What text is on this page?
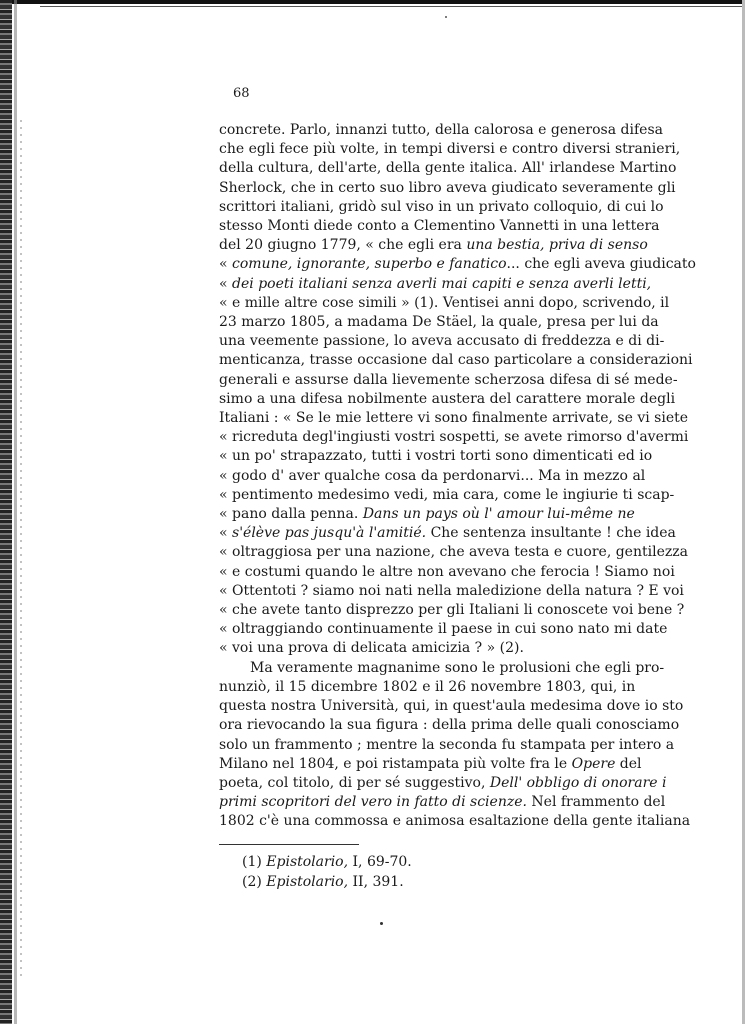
68
concrete. Parlo, innanzi tutto, della calorosa e generosa difesa
che egli fece più volte, in tempi diversi e contro diversi stranieri,
della cultura, dell'arte, della gente italica. All' irlandese Martino
Sherlock, che in certo suo libro aveva giudicato severamente gli
scrittori italiani, gridò sul viso in un privato colloquio, di cui lo
stesso Monti diede conto a Clementino Vannetti in una lettera
del 20 giugno 1779, « che egli era una bestia, priva di senso
« comune, ignorante, superbo e fanatico... che egli aveva giudicato
« dei poeti italiani senza averli mai capiti e senza averli letti,
« e mille altre cose simili » (1). Ventisei anni dopo, scrivendo, il
23 marzo 1805, a madama De Stäel, la quale, presa per lui da
una veemente passione, lo aveva accusato di freddezza e di di-
menticanza, trasse occasione dal caso particolare a considerazioni
generali e assurse dalla lievemente scherzosa difesa di sé mede-
simo a una difesa nobilmente austera del carattere morale degli
Italiani : « Se le mie lettere vi sono finalmente arrivate, se vi siete
« ricreduta degl'ingiusti vostri sospetti, se avete rimorso d'avermi
« un po' strapazzato, tutti i vostri torti sono dimenticati ed io
« godo d' aver qualche cosa da perdonarvi... Ma in mezzo al
« pentimento medesimo vedi, mia cara, come le ingiurie ti scap-
« pano dalla penna. Dans un pays où l' amour lui-même ne
« s'élève pas jusqu'à l'amitié. Che sentenza insultante ! che idea
« oltraggiosa per una nazione, che aveva testa e cuore, gentilezza
« e costumi quando le altre non avevano che ferocia ! Siamo noi
« Ottentoti ? siamo noi nati nella maledizione della natura ? E voi
« che avete tanto disprezzo per gli Italiani li conoscete voi bene ?
« oltraggiando continuamente il paese in cui sono nato mi date
« voi una prova di delicata amicizia ? » (2).
Ma veramente magnanime sono le prolusioni che egli pro-
nunziò, il 15 dicembre 1802 e il 26 novembre 1803, qui, in
questa nostra Università, qui, in quest'aula medesima dove io sto
ora rievocando la sua figura : della prima delle quali conosciamo
solo un frammento ; mentre la seconda fu stampata per intero a
Milano nel 1804, e poi ristampata più volte fra le Opere del
poeta, col titolo, di per sé suggestivo, Dell' obbligo di onorare i
primi scopritori del vero in fatto di scienze. Nel frammento del
1802 c'è una commossa e animosa esaltazione della gente italiana
(1) Epistolario, I, 69-70.
(2) Epistolario, II, 391.
